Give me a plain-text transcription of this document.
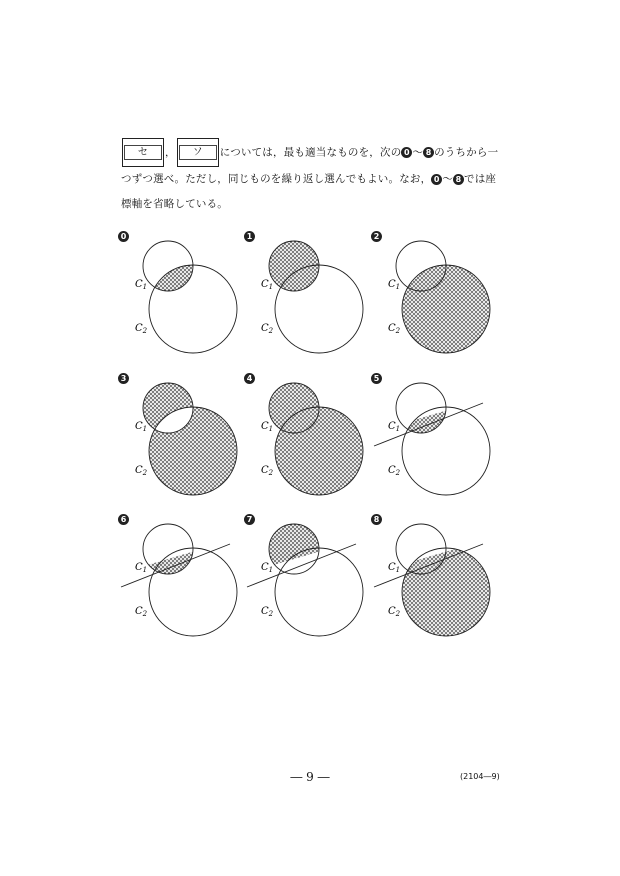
セ ， ソ については，最も適当なものを，次の 0 ～ 8 のうちから一つずつ選べ。ただし，同じものを繰り返し選んでもよい。なお， 0 ～ 8 では座標軸を省略している。
0
$C_1$
$C_2$
1
$C_1$
$C_2$
2
$C_1$
$C_2$
3
$C_1$
$C_2$
4
$C_1$
$C_2$
5
$C_1$
$C_2$
6
$C_1$
$C_2$
7
$C_1$
$C_2$
8
$C_1$
$C_2$
― 9 ―	(2104―9)
